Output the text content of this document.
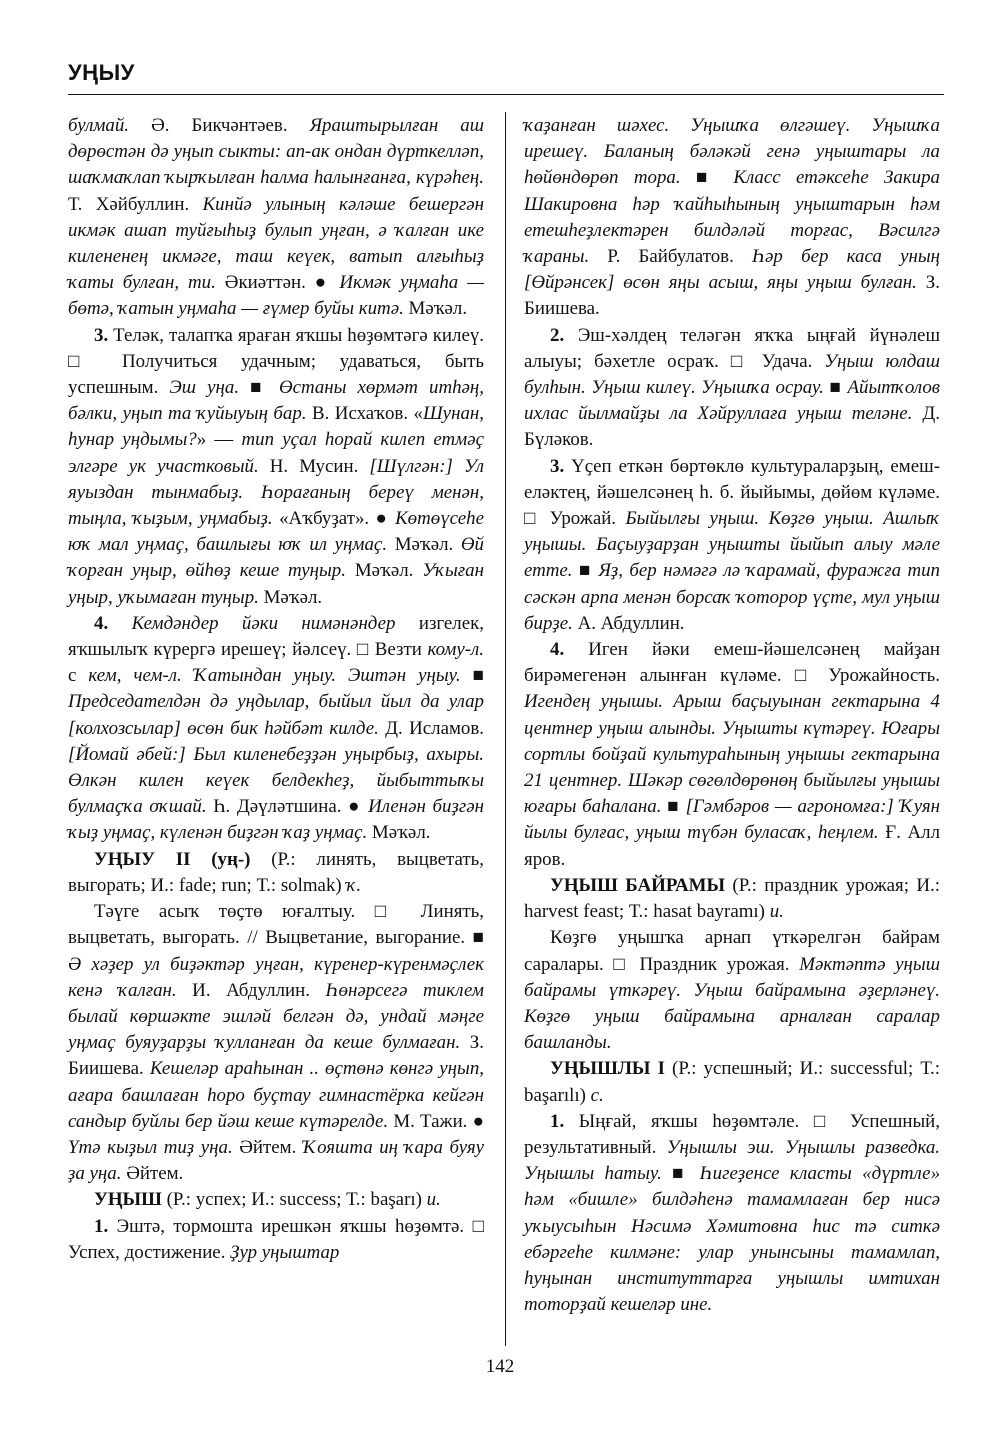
УҢЫУ

булмай. Ә. Бикчәнтәев. Яраштырылған аш дөрөстән дә уңып сыкты: ап-ак ондан дүрткелләп, шаҡмаҡлап ҡырҡылған һалма һалынғанға, күрәһең. Т. Хәйбуллин. Кинйә улының кәләше бешергән икмәк ашап туйғыһыҙ булып уңған, ә ҡалған ике килененең икмәге, таш кеүек, ватып алғыһыҙ ҡаты булған, ти. Әкиәттән. ● Икмәк уңмаһа — бөтә, ҡатын уңмаһа — ғүмер буйы китә. Мәҡәл.

3. Теләк, талапҡа яраған яҡшы һөҙөмтәгә килеү. □ Получиться удачным; удаваться, быть успешным. Эш уңа. ■ Өстаны хөрмәт итһәң, бәлки, уңып та ҡуйыуың бар. В. Исхаҡов. «Шунан, һунар уңдымы?» — тип уҫал һорай килеп етмәҫ элгәре ук участковый. Н. Мусин. [Шүлгән:] Ул яуыздан тынмабыҙ. Һорағаның береү менән, тыңла, ҡыҙым, уңмабыҙ. «Аҡбуҙат». ● Көтөүсеһе юҡ мал уңмаҫ, башлығы юҡ ил уңмаҫ. Мәҡәл. Өй ҡорған уңыр, өйһөҙ кеше туңыр. Мәҡәл. Уҡыған уңыр, уҡымаған туңыр. Мәҡәл.

4. Кемдәндер йәки нимәнәндер изгелек, яҡшылыҡ күрергә ирешеү; йәлсеү. □ Везти кому-л. с кем, чем-л. Ҡатындан уңыу. Эштән уңыу. ■ Председателдән дә уңдылар, быйыл йыл да улар [колхозсылар] өсөн бик һәйбәт килде. Д. Исламов. [Йомай әбей:] Был киленебеҙҙән уңырбыҙ, ахыры. Өлкән килен кеүек белдекһеҙ, йыбыттыҡы булмаҫҡа оҡшай. Һ. Дәүләтшина. ● Иленән биҙгән ҡыҙ уңмаҫ, күленән биҙгән ҡаҙ уңмаҫ. Мәҡәл.

УҢЫУ II (уң-) (Р.: линять, выцветать, выгорать; И.: fade; run; Т.: solmak) ҡ.

Тәүге асыҡ төҫтө юғалтыу. □ Линять, выцветать, выгорать. // Выцветание, выгорание. ■ Ә хәҙер ул биҙәктәр уңған, күренер-күренмәҫлек кенә ҡалған. И. Абдуллин. Һөнәрсегә тиклем былай көршәкте эшләй белгән дә, ундай мәңге уңмаҫ буяуҙарҙы ҡулланған да кеше булмаған. З. Биишева. Кешеләр араһынан .. өҫтөнә көнгә уңып, ағара башлаған һоро буҫтау гимнастёрка кейгән сандыр буйлы бер йәш кеше күтәрелде. М. Тажи. ● Үтә кыҙыл тиҙ уңа. Әйтем. Ҡояшта иң ҡара буяу ҙа уңа. Әйтем.

УҢЫШ (Р.: успех; И.: success; Т.: başarı) и.

1. Эштә, тормошта ирешкән яҡшы һөҙөмтә. □ Успех, достижение. Ҙур уңыштар

ҡаҙанған шәхес. Уңышҡа өлгәшеү. Уңышҡа ирешеү. Баланың бәләкәй генә уңыштары ла һөйөндөрөп тора. ■ Класс етәксеһе Закира Шакировна һәр ҡайһыһының уңыштарын һәм етешһеҙлектәрен билдәләй торғас, Вәсилгә ҡараны. Р. Байбулатов. Һәр бер каса уның [Өйрәнсек] өсөн яңы асыш, яңы уңыш булған. З. Биишева.

2. Эш-хәлдең теләгән яҡҡа ыңғай йүнәлеш алыуы; бәхетле осраҡ. □ Удача. Уңыш юлдаш булһын. Уңыш килеү. Уңышҡа осрау. ■ Айытҡолов ихлас йылмайҙы ла Хәйруллаға уңыш теләне. Д. Бүләков.

3. Үҫеп еткән бөртөклө культураларҙың, емеш-еләктең, йәшелсәнең һ. б. йыйымы, дөйөм күләме. □ Урожай. Быйылғы уңыш. Көҙгө уңыш. Ашлыҡ уңышы. Баҫыуҙарҙан уңышты йыйып алыу мәле етте. ■ Яҙ, бер нәмәгә лә ҡарамай, фуражға тип сәскән арпа менән борсаҡ ҡоторop үҫте, мул уңыш бирҙе. А. Абдуллин.

4. Иген йәки емеш-йәшелсәнең майҙан бирәмегенән алынған күләме. □ Урожайность. Игендең уңышы. Арыш баҫыуынан гектарына 4 центнер уңыш алынды. Уңышты күтәреү. Юғары сортлы бойҙай культураһының уңышы гектарына 21 центнер. Шәкәр сөгөлдөрөнөң быйылғы уңышы юғары баһалана. ■ [Гәмбәров — агрономға:] Ҡуян йылы булғас, уңыш түбән буласаҡ, һеңлем. Ғ. Алл яров.

УҢЫШ БАЙРАМЫ (Р.: праздник урожая; И.: harvest feast; Т.: hasat bayramı) и.

Көҙгө уңышҡа арнап үткәрелгән байрам саралары. □ Праздник урожая. Мәктәптә уңыш байрамы үткәреү. Уңыш байрамына әҙерләнеү. Көҙгө уңыш байрамына арналған саралар башланды.

УҢЫШЛЫ I (Р.: успешный; И.: successful; Т.: başarılı) с.

1. Ыңғай, яҡшы һөҙөмтәле. □ Успешный, результативный. Уңышлы эш. Уңышлы разведка. Уңышлы һатыу. ■ Һигеҙенсе класты «дүртле» һәм «бишле» билдәһенә тамамлаған бер нисә уҡыусыһын Нәсимә Хәмитовна һис тә ситкә ебәргеһе килмәне: улар унынсыны тамамлап, һуңынан институттарға уңышлы имтихан тоторҙай кешеләр ине.

142
